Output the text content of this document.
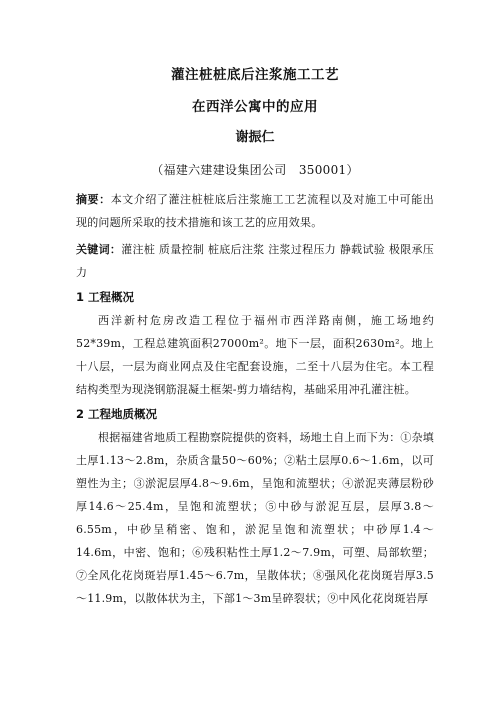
灌注桩桩底后注浆施工工艺
在西洋公寓中的应用
谢振仁
（福建六建建设集团公司　350001）
摘要：本文介绍了灌注桩桩底后注浆施工工艺流程以及对施工中可能出现的问题所采取的技术措施和该工艺的应用效果。
关键词：灌注桩 质量控制 桩底后注浆 注浆过程压力 静载试验 极限承压力
1 工程概况
西洋新村危房改造工程位于福州市西洋路南侧，施工场地约52*39m，工程总建筑面积27000m²。地下一层，面积2630m²。地上十八层，一层为商业网点及住宅配套设施，二至十八层为住宅。本工程结构类型为现浇钢筋混凝土框架-剪力墙结构，基础采用冲孔灌注桩。
2 工程地质概况
根据福建省地质工程勘察院提供的资料，场地土自上而下为：①杂填土厚1.13～2.8m，杂质含量50～60%；②粘土层厚0.6～1.6m，以可塑性为主；③淤泥层厚4.8～9.6m，呈饱和流塑状；④淤泥夹薄层粉砂厚14.6～25.4m，呈饱和流塑状；⑤中砂与淤泥互层，层厚3.8～6.55m，中砂呈稍密、饱和，淤泥呈饱和流塑状；中砂厚1.4～14.6m，中密、饱和；⑥残积粘性土厚1.2～7.9m，可塑、局部软塑；⑦全风化花岗斑岩厚1.45～6.7m，呈散体状；⑧强风化花岗斑岩厚3.5～11.9m，以散体状为主，下部1～3m呈碎裂状；⑨中风化花岗斑岩厚
